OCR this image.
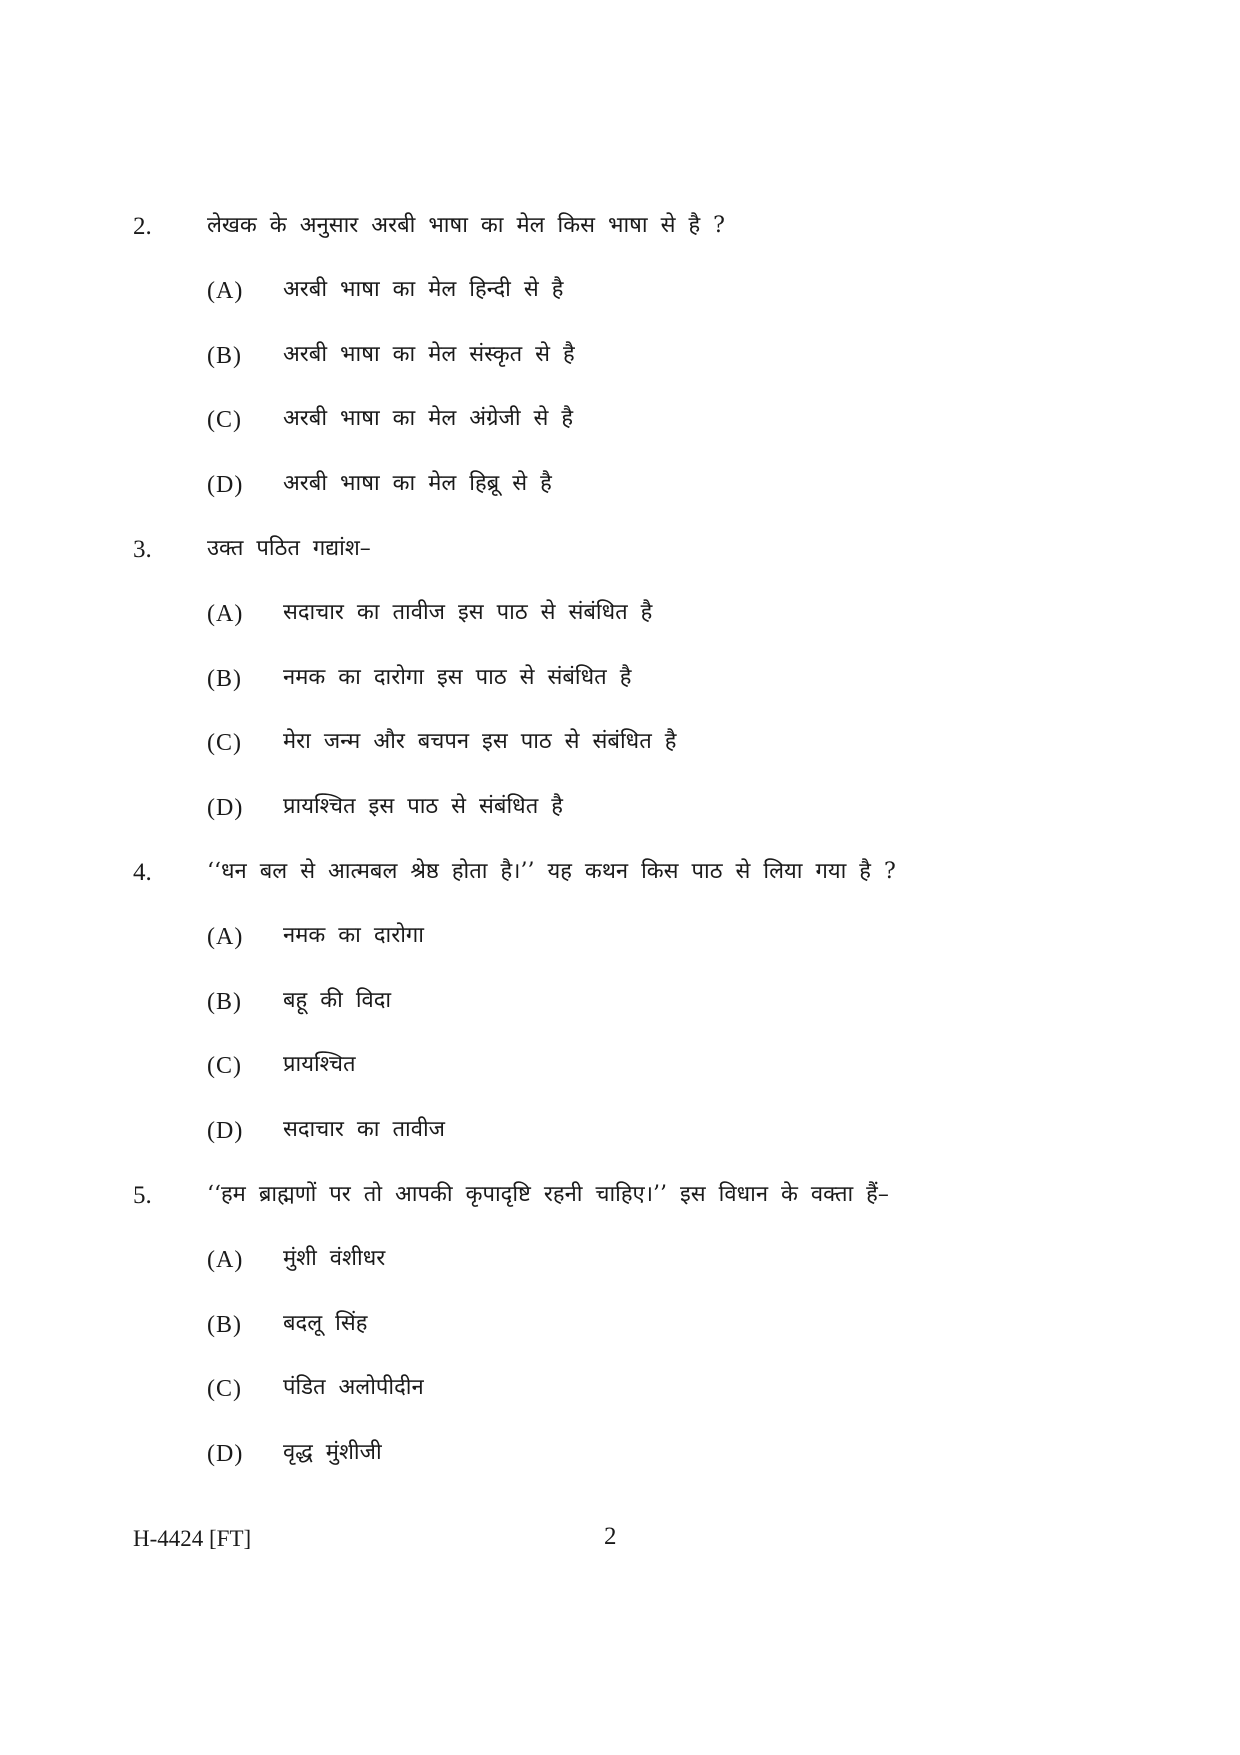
2.	लेखक के अनुसार अरबी भाषा का मेल किस भाषा से है ?
(A) अरबी भाषा का मेल हिन्दी से है
(B) अरबी भाषा का मेल संस्कृत से है
(C) अरबी भाषा का मेल अंग्रेजी से है
(D) अरबी भाषा का मेल हिब्रू से है
3.	उक्त पठित गद्यांश–
(A) सदाचार का तावीज इस पाठ से संबंधित है
(B) नमक का दारोगा इस पाठ से संबंधित है
(C) मेरा जन्म और बचपन इस पाठ से संबंधित है
(D) प्रायश्चित इस पाठ से संबंधित है
4.	‘‘धन बल से आत्मबल श्रेष्ठ होता है।’’ यह कथन किस पाठ से लिया गया है ?
(A) नमक का दारोगा
(B) बहू की विदा
(C) प्रायश्चित
(D) सदाचार का तावीज
5.	‘‘हम ब्राह्मणों पर तो आपकी कृपादृष्टि रहनी चाहिए।’’ इस विधान के वक्ता हैं–
(A) मुंशी वंशीधर
(B) बदलू सिंह
(C) पंडित अलोपीदीन
(D) वृद्ध मुंशीजी
H-4424 [FT]	2
